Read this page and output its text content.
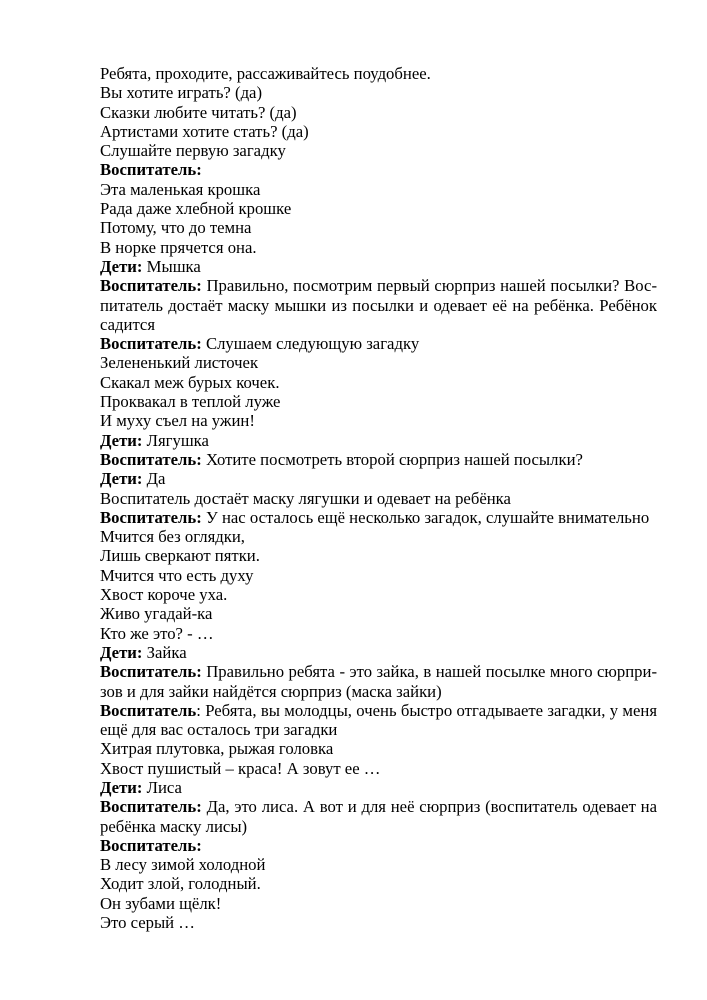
Ребята, проходите, рассаживайтесь поудобнее.
Вы хотите играть? (да)
Сказки любите читать? (да)
Артистами хотите стать? (да)
Слушайте первую загадку
Воспитатель:
Эта маленькая крошка
Рада даже хлебной крошке
Потому, что до темна
В норке прячется она.
Дети: Мышка
Воспитатель: Правильно, посмотрим первый сюрприз нашей посылки? Вос-
питатель достаёт маску мышки из посылки и одевает её на ребёнка. Ребёнок
садится
Воспитатель: Слушаем следующую загадку
Зелененький листочек
Скакал меж бурых кочек.
Проквакал в теплой луже
И муху съел на ужин!
Дети: Лягушка
Воспитатель: Хотите посмотреть второй сюрприз нашей посылки?
Дети: Да
Воспитатель достаёт маску лягушки и одевает на ребёнка
Воспитатель: У нас осталось ещё несколько загадок, слушайте внимательно
Мчится без оглядки,
Лишь сверкают пятки.
Мчится что есть духу
Хвост короче уха.
Живо угадай-ка
Кто же это? - …
Дети: Зайка
Воспитатель: Правильно ребята - это зайка, в нашей посылке много сюрпри-
зов и для зайки найдётся сюрприз (маска зайки)
Воспитатель: Ребята, вы молодцы, очень быстро отгадываете загадки, у меня
ещё для вас осталось три загадки
Хитрая плутовка, рыжая головка
Хвост пушистый – краса! А зовут ее …
Дети: Лиса
Воспитатель: Да, это лиса. А вот и для неё сюрприз (воспитатель одевает на
ребёнка маску лисы)
Воспитатель:
В лесу зимой холодной
Ходит злой, голодный.
Он зубами щёлк!
Это серый …
